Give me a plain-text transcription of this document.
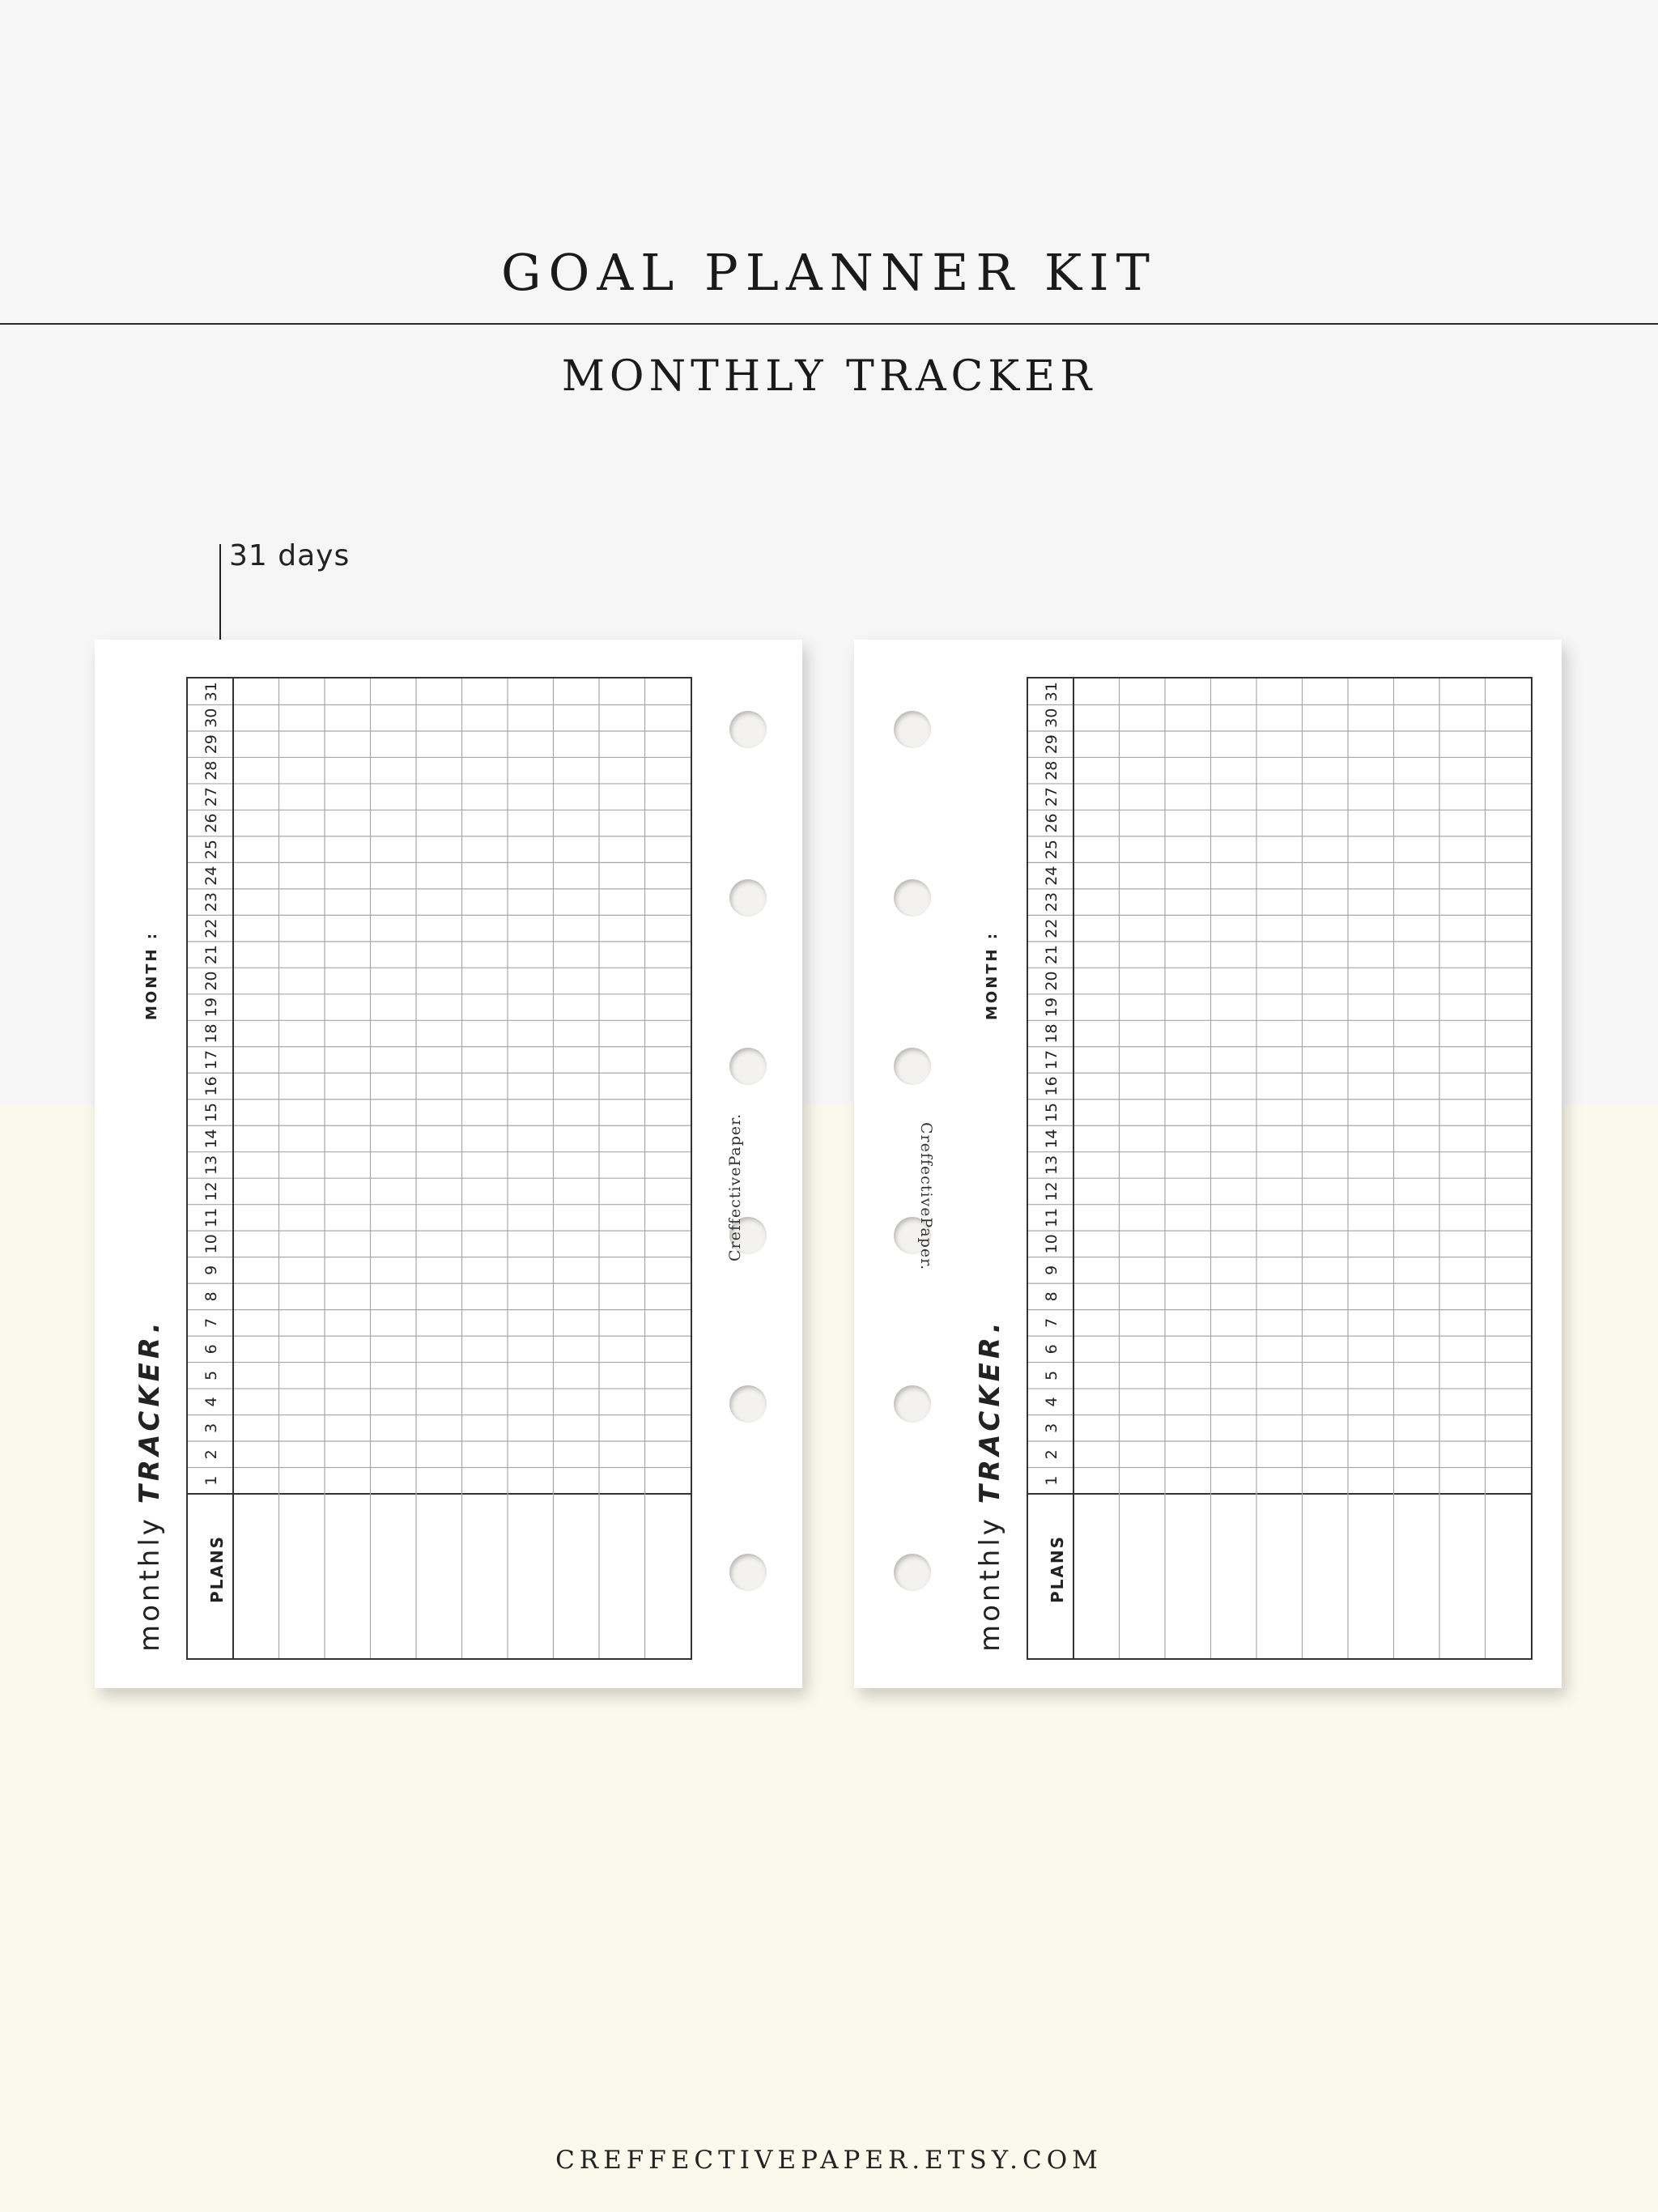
GOAL PLANNER KIT
MONTHLY TRACKER
31 days
monthly TRACKER.
MONTH :
1
2
3
4
5
6
7
8
9
10
11
12
13
14
15
16
17
18
19
20
21
22
23
24
25
26
27
28
29
30
31
PLANS
CreffectivePaper.
monthly TRACKER.
MONTH :
1
2
3
4
5
6
7
8
9
10
11
12
13
14
15
16
17
18
19
20
21
22
23
24
25
26
27
28
29
30
31
PLANS
CreffectivePaper.
CREFFECTIVEPAPER.ETSY.COM
